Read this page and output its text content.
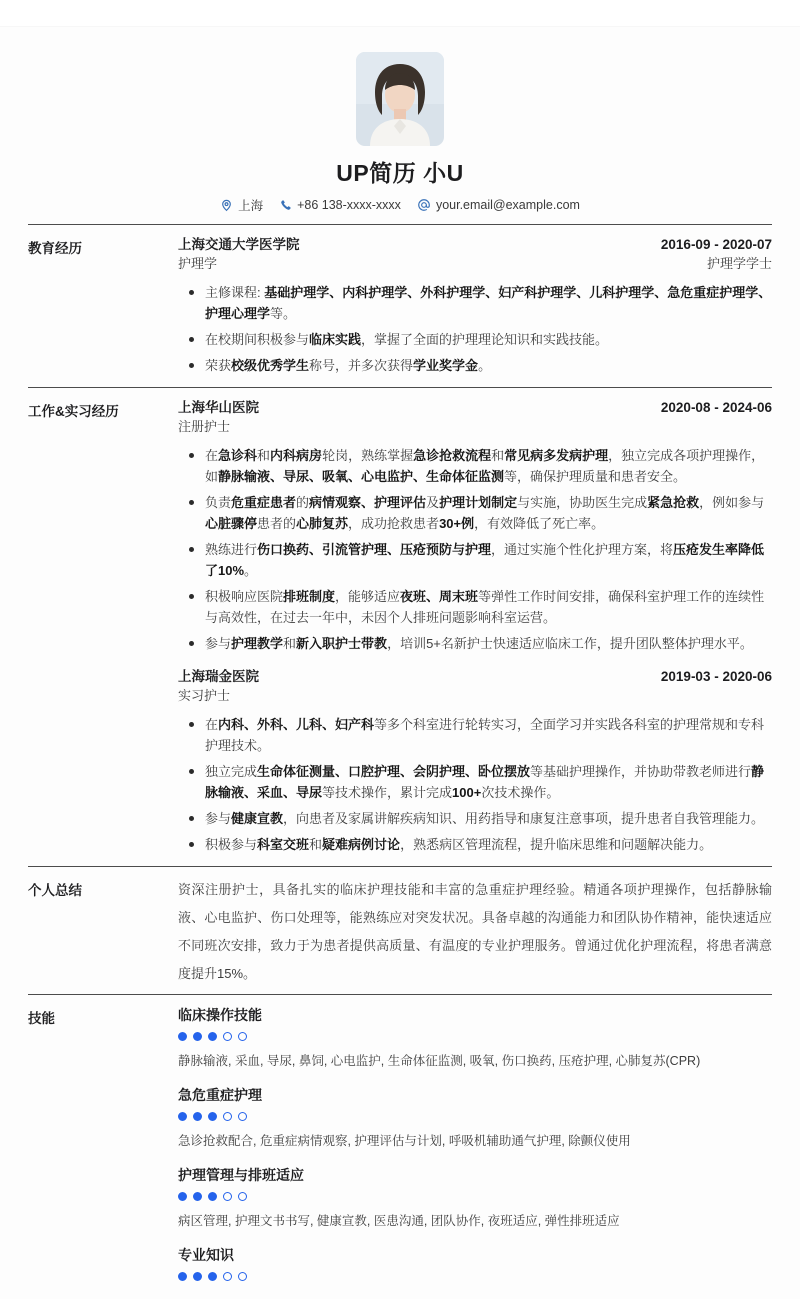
UP简历 小U
上海	+86 138-xxxx-xxxx	your.email@example.com
教育经历	上海交通大学医学院	2016-09 - 2020-07
护理学	护理学学士
主修课程: 基础护理学、内科护理学、外科护理学、妇产科护理学、儿科护理学、急危重症护理学、护理心理学等。
在校期间积极参与临床实践，掌握了全面的护理理论知识和实践技能。
荣获校级优秀学生称号，并多次获得学业奖学金。
工作&实习经历	上海华山医院	2020-08 - 2024-06
注册护士
在急诊科和内科病房轮岗，熟练掌握急诊抢救流程和常见病多发病护理，独立完成各项护理操作，如静脉输液、导尿、吸氧、心电监护、生命体征监测等，确保护理质量和患者安全。
负责危重症患者的病情观察、护理评估及护理计划制定与实施，协助医生完成紧急抢救，例如参与心脏骤停患者的心肺复苏，成功抢救患者30+例，有效降低了死亡率。
熟练进行伤口换药、引流管护理、压疮预防与护理，通过实施个性化护理方案，将压疮发生率降低了10%。
积极响应医院排班制度，能够适应夜班、周末班等弹性工作时间安排，确保科室护理工作的连续性与高效性，在过去一年中，未因个人排班问题影响科室运营。
参与护理教学和新入职护士带教，培训5+名新护士快速适应临床工作，提升团队整体护理水平。
上海瑞金医院	2019-03 - 2020-06
实习护士
在内科、外科、儿科、妇产科等多个科室进行轮转实习，全面学习并实践各科室的护理常规和专科护理技术。
独立完成生命体征测量、口腔护理、会阴护理、卧位摆放等基础护理操作，并协助带教老师进行静脉输液、采血、导尿等技术操作，累计完成100+次技术操作。
参与健康宣教，向患者及家属讲解疾病知识、用药指导和康复注意事项，提升患者自我管理能力。
积极参与科室交班和疑难病例讨论，熟悉病区管理流程，提升临床思维和问题解决能力。
个人总结	资深注册护士，具备扎实的临床护理技能和丰富的急重症护理经验。精通各项护理操作，包括静脉输液、心电监护、伤口处理等，能熟练应对突发状况。具备卓越的沟通能力和团队协作精神，能快速适应不同班次安排，致力于为患者提供高质量、有温度的专业护理服务。曾通过优化护理流程，将患者满意度提升15%。
技能	临床操作技能
静脉输液, 采血, 导尿, 鼻饲, 心电监护, 生命体征监测, 吸氧, 伤口换药, 压疮护理, 心肺复苏(CPR)
急危重症护理
急诊抢救配合, 危重症病情观察, 护理评估与计划, 呼吸机辅助通气护理, 除颤仪使用
护理管理与排班适应
病区管理, 护理文书书写, 健康宣教, 医患沟通, 团队协作, 夜班适应, 弹性排班适应
专业知识
